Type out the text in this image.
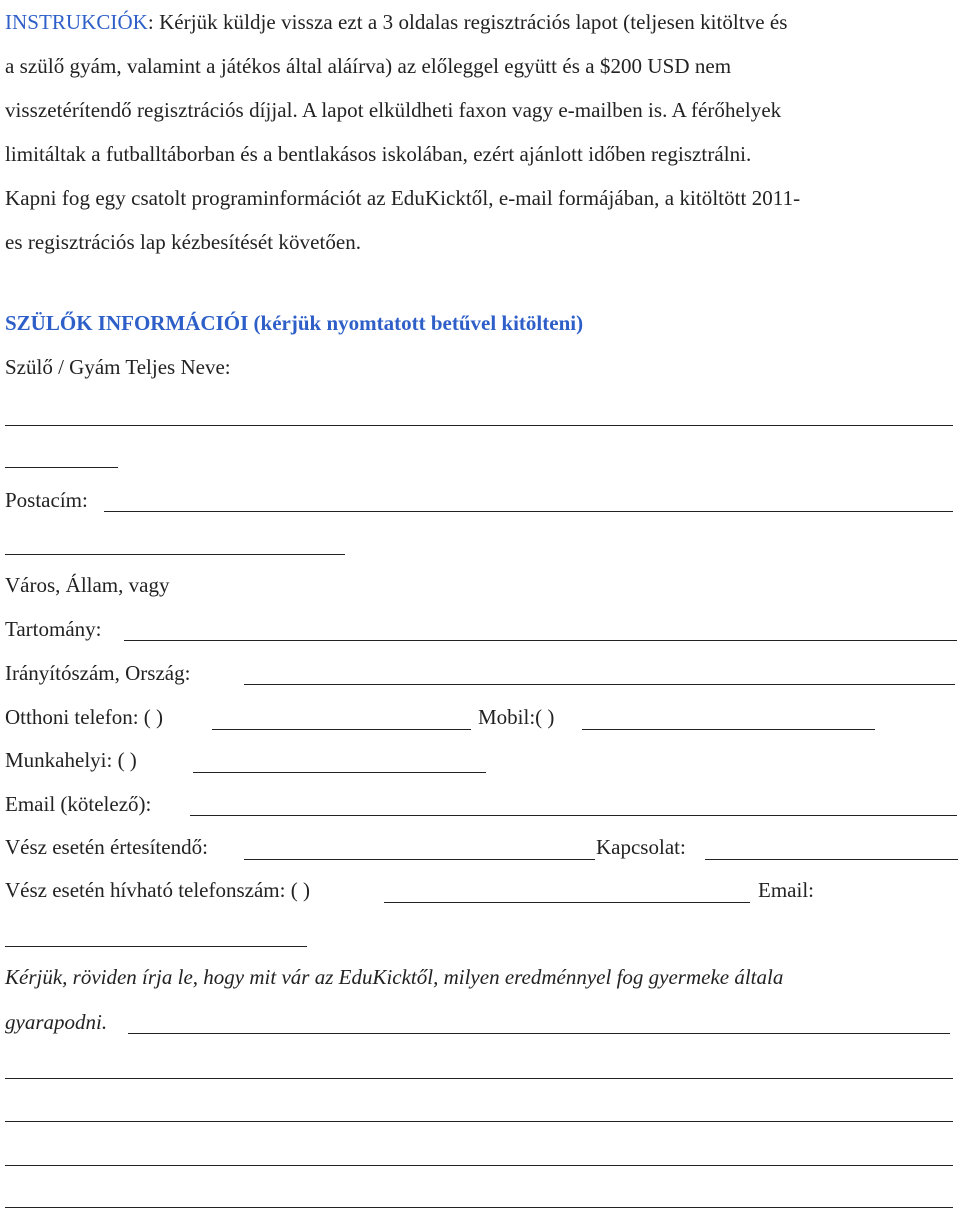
INSTRUKCIÓK: Kérjük küldje vissza ezt a 3 oldalas regisztrációs lapot (teljesen kitöltve és
a szülő gyám, valamint a játékos által aláírva) az előleggel együtt és a $200 USD nem
visszetérítendő regisztrációs díjjal. A lapot elküldheti faxon vagy e-mailben is. A férőhelyek
limitáltak a futballtáborban és a bentlakásos iskolában, ezért ajánlott időben regisztrálni.
Kapni fog egy csatolt programinformációt az EduKicktől, e-mail formájában, a kitöltött 2011-
es regisztrációs lap kézbesítését követően.
SZÜLŐK INFORMÁCIÓI (kérjük nyomtatott betűvel kitölteni)
Szülő / Gyám Teljes Neve:
Postacím:
Város, Állam, vagy
Tartomány:
Irányítószám, Ország:
Otthoni telefon: ( )	Mobil:( )
Munkahelyi: ( )
Email (kötelező):
Vész esetén értesítendő:	Kapcsolat:
Vész esetén hívható telefonszám: ( )	Email:
Kérjük, röviden írja le, hogy mit vár az EduKicktől, milyen eredménnyel fog gyermeke általa
gyarapodni.
